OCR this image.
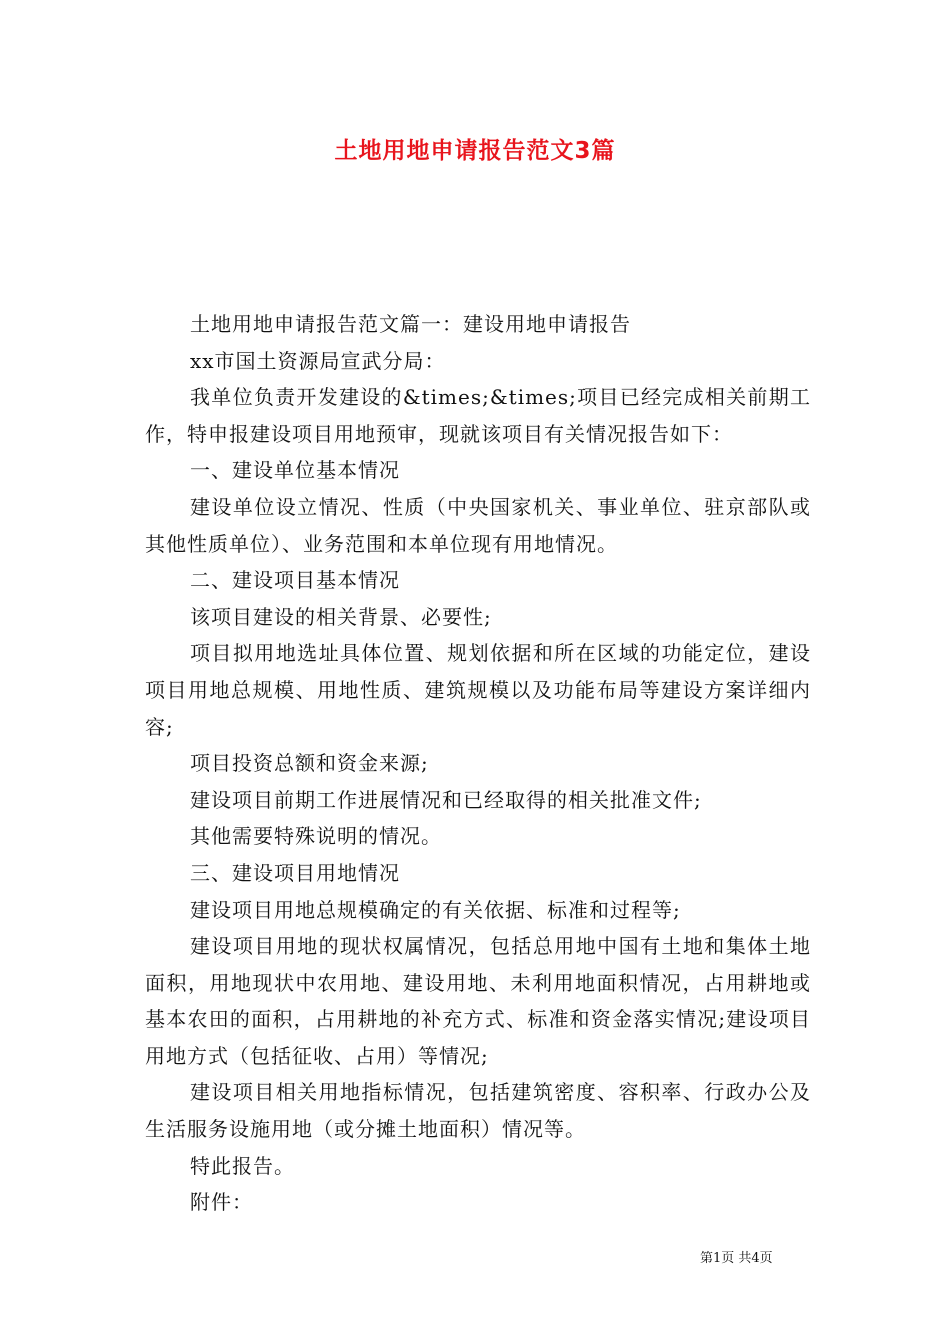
土地用地申请报告范文3篇

土地用地申请报告范文篇一：建设用地申请报告

xx市国土资源局宣武分局：

我单位负责开发建设的&times;&times;项目已经完成相关前期工作，特申报建设项目用地预审，现就该项目有关情况报告如下：

一、建设单位基本情况

建设单位设立情况、性质（中央国家机关、事业单位、驻京部队或其他性质单位）、业务范围和本单位现有用地情况。

二、建设项目基本情况

该项目建设的相关背景、必要性;

项目拟用地选址具体位置、规划依据和所在区域的功能定位，建设项目用地总规模、用地性质、建筑规模以及功能布局等建设方案详细内容;

项目投资总额和资金来源;

建设项目前期工作进展情况和已经取得的相关批准文件;

其他需要特殊说明的情况。

三、建设项目用地情况

建设项目用地总规模确定的有关依据、标准和过程等;

建设项目用地的现状权属情况，包括总用地中国有土地和集体土地面积，用地现状中农用地、建设用地、未利用地面积情况，占用耕地或基本农田的面积，占用耕地的补充方式、标准和资金落实情况;建设项目用地方式（包括征收、占用）等情况;

建设项目相关用地指标情况，包括建筑密度、容积率、行政办公及生活服务设施用地（或分摊土地面积）情况等。

特此报告。

附件：

第1页 共4页
